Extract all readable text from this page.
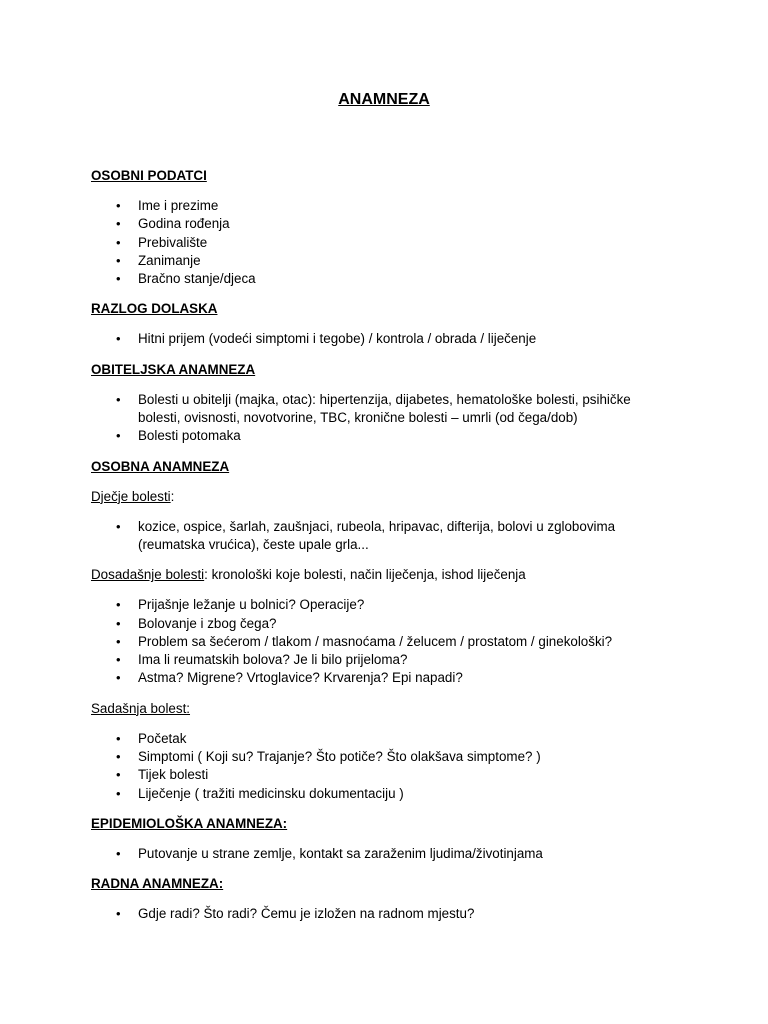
ANAMNEZA
OSOBNI PODATCI
• Ime i prezime
• Godina rođenja
• Prebivalište
• Zanimanje
• Bračno stanje/djeca
RAZLOG DOLASKA
• Hitni prijem (vodeći simptomi i tegobe) / kontrola / obrada / liječenje
OBITELJSKA ANAMNEZA
• Bolesti u obitelji (majka, otac): hipertenzija, dijabetes, hematološke bolesti, psihičke bolesti, ovisnosti, novotvorine, TBC, kronične bolesti – umrli (od čega/dob)
• Bolesti potomaka
OSOBNA ANAMNEZA
Dječje bolesti:
• kozice, ospice, šarlah, zaušnjaci, rubeola, hripavac, difterija, bolovi u zglobovima (reumatska vrućica), česte upale grla...
Dosadašnje bolesti: kronološki koje bolesti, način liječenja, ishod liječenja
• Prijašnje ležanje u bolnici? Operacije?
• Bolovanje i zbog čega?
• Problem sa šećerom / tlakom / masnoćama / želucem / prostatom / ginekološki?
• Ima li reumatskih bolova? Je li bilo prijeloma?
• Astma? Migrene? Vrtoglavice? Krvarenja? Epi napadi?
Sadašnja bolest:
• Početak
• Simptomi ( Koji su? Trajanje? Što potiče? Što olakšava simptome? )
• Tijek bolesti
• Liječenje ( tražiti medicinsku dokumentaciju )
EPIDEMIOLOŠKA ANAMNEZA:
• Putovanje u strane zemlje, kontakt sa zaraženim ljudima/životinjama
RADNA ANAMNEZA:
• Gdje radi? Što radi? Čemu je izložen na radnom mjestu?
